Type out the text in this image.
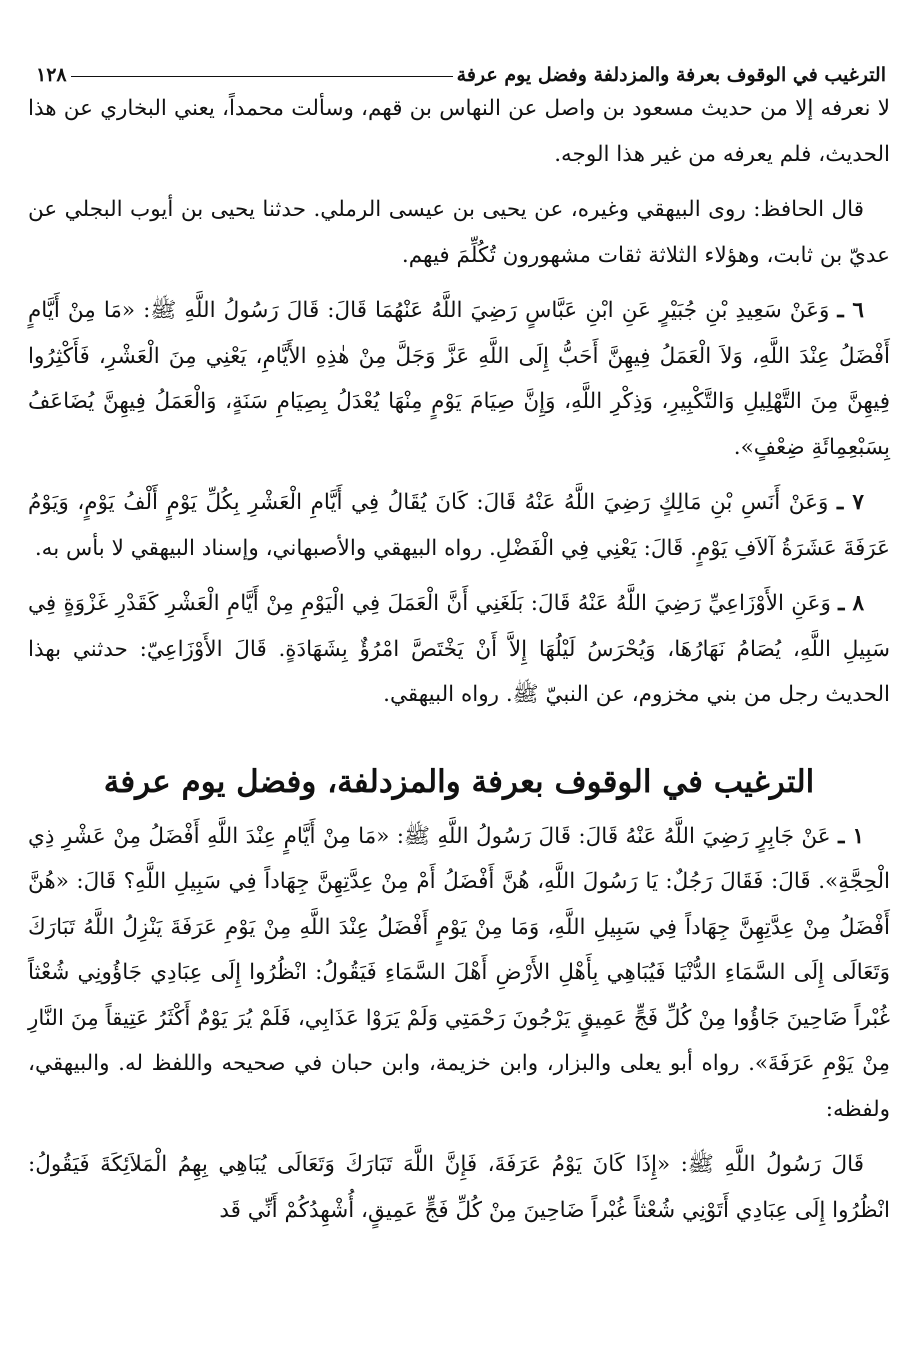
الترغيب في الوقوف بعرفة والمزدلفة وفضل يوم عرفة
١٢٨

لا نعرفه إلا من حديث مسعود بن واصل عن النهاس بن قهم، وسألت محمداً، يعني البخاري عن هذا الحديث، فلم يعرفه من غير هذا الوجه.

قال الحافظ: روى البيهقي وغيره، عن يحيى بن عيسى الرملي. حدثنا يحيى بن أيوب البجلي عن عديّ بن ثابت، وهؤلاء الثلاثة ثقات مشهورون تُكُلِّمَ فيهم.

٦ ـ وَعَنْ سَعِيدِ بْنِ جُبَيْرٍ عَنِ ابْنِ عَبَّاسٍ رَضِيَ اللَّهُ عَنْهُمَا قَالَ: قَالَ رَسُولُ اللَّهِ ﷺ: «مَا مِنْ أَيَّامٍ أَفْضَلُ عِنْدَ اللَّهِ، وَلاَ الْعَمَلُ فِيهِنَّ أَحَبُّ إِلَى اللَّهِ عَزَّ وَجَلَّ مِنْ هٰذِهِ الأَيَّامِ، يَعْنِي مِنَ الْعَشْرِ، فَأَكْثِرُوا فِيهِنَّ مِنَ التَّهْلِيلِ وَالتَّكْبِيرِ، وَذِكْرِ اللَّهِ، وَإِنَّ صِيَامَ يَوْمٍ مِنْهَا يُعْدَلُ بِصِيَامِ سَنَةٍ، وَالْعَمَلُ فِيهِنَّ يُضَاعَفُ بِسَبْعِمِائَةِ ضِعْفٍ».

٧ ـ وَعَنْ أَنَسِ بْنِ مَالِكٍ رَضِيَ اللَّهُ عَنْهُ قَالَ: كَانَ يُقَالُ فِي أَيَّامِ الْعَشْرِ بِكُلِّ يَوْمٍ أَلْفُ يَوْمٍ، وَيَوْمُ عَرَفَةَ عَشَرَةُ آلاَفِ يَوْمٍ. قَالَ: يَعْنِي فِي الْفَضْلِ. رواه البيهقي والأصبهاني، وإسناد البيهقي لا بأس به.

٨ ـ وَعَنِ الأَوْزَاعِيِّ رَضِيَ اللَّهُ عَنْهُ قَالَ: بَلَغَنِي أَنَّ الْعَمَلَ فِي الْيَوْمِ مِنْ أَيَّامِ الْعَشْرِ كَقَدْرِ غَزْوَةٍ فِي سَبِيلِ اللَّهِ، يُصَامُ نَهَارُهَا، وَيُحْرَسُ لَيْلُهَا إِلاَّ أَنْ يَخْتَصَّ امْرُؤٌ بِشَهَادَةٍ. قَالَ الأَوْزَاعِيّ: حدثني بهذا الحديث رجل من بني مخزوم، عن النبيّ ﷺ. رواه البيهقي.

الترغيب في الوقوف بعرفة والمزدلفة، وفضل يوم عرفة

١ ـ عَنْ جَابِرٍ رَضِيَ اللَّهُ عَنْهُ قَالَ: قَالَ رَسُولُ اللَّهِ ﷺ: «مَا مِنْ أَيَّامٍ عِنْدَ اللَّهِ أَفْضَلُ مِنْ عَشْرِ ذِي الْحِجَّةِ». قَالَ: فَقَالَ رَجُلٌ: يَا رَسُولَ اللَّهِ، هُنَّ أَفْضَلُ أَمْ مِنْ عِدَّتِهِنَّ جِهَاداً فِي سَبِيلِ اللَّهِ؟ قَالَ: «هُنَّ أَفْضَلُ مِنْ عِدَّتِهِنَّ جِهَاداً فِي سَبِيلِ اللَّهِ، وَمَا مِنْ يَوْمٍ أَفْضَلُ عِنْدَ اللَّهِ مِنْ يَوْمِ عَرَفَةَ يَنْزِلُ اللَّهُ تَبَارَكَ وَتَعَالَى إِلَى السَّمَاءِ الدُّنْيَا فَيُبَاهِي بِأَهْلِ الأَرْضِ أَهْلَ السَّمَاءِ فَيَقُولُ: انْظُرُوا إِلَى عِبَادِي جَاؤُونِي شُعْثاً غُبْراً ضَاحِينَ جَاؤُوا مِنْ كُلِّ فَجٍّ عَمِيقٍ يَرْجُونَ رَحْمَتِي وَلَمْ يَرَوْا عَذَابِي، فَلَمْ يُرَ يَوْمٌ أَكْثَرُ عَتِيقاً مِنَ النَّارِ مِنْ يَوْمِ عَرَفَةَ». رواه أبو يعلى والبزار، وابن خزيمة، وابن حبان في صحيحه واللفظ له. والبيهقي، ولفظه:

قَالَ رَسُولُ اللَّهِ ﷺ: «إِذَا كَانَ يَوْمُ عَرَفَةَ، فَإِنَّ اللَّهَ تَبَارَكَ وَتَعَالَى يُبَاهِي بِهِمُ الْمَلاَئِكَةَ فَيَقُولُ: انْظُرُوا إِلَى عِبَادِي أَتَوْنِي شُعْثاً غُبْراً ضَاحِينَ مِنْ كُلِّ فَجٍّ عَمِيقٍ، أُشْهِدُكُمْ أَنِّي قَد
